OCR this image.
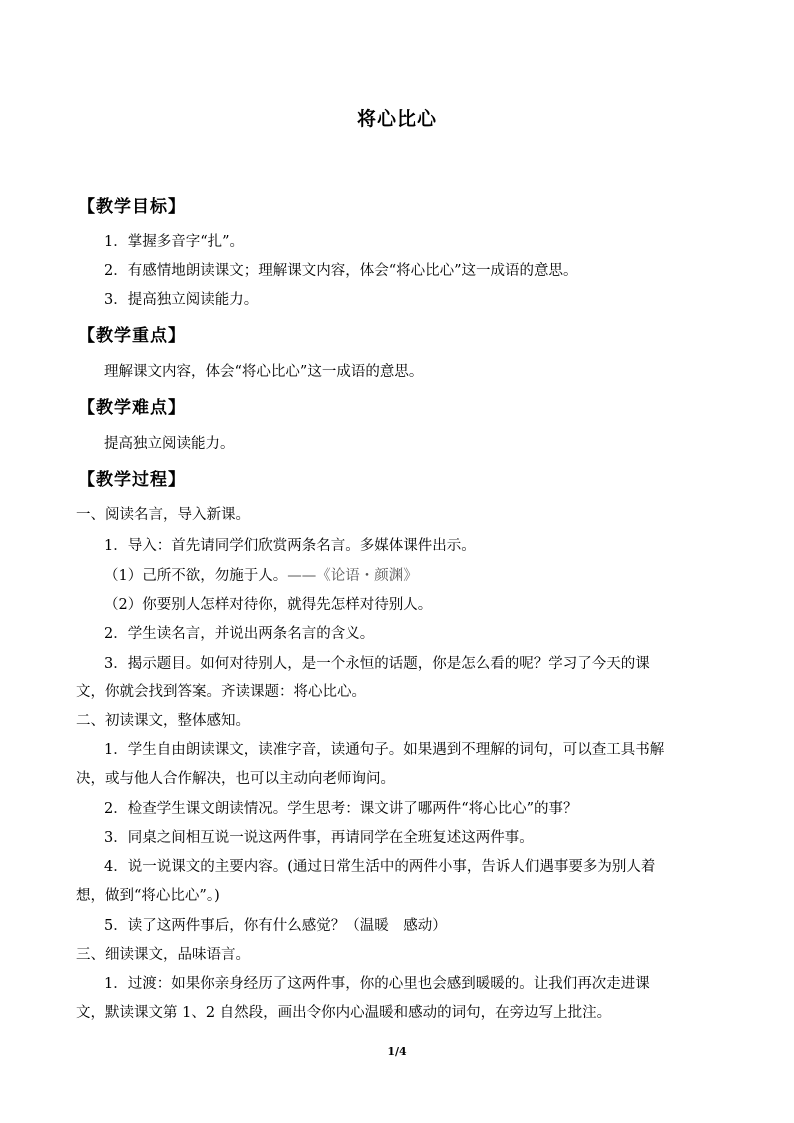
将心比心
【教学目标】
1．掌握多音字“扎”。
2．有感情地朗读课文；理解课文内容，体会“将心比心”这一成语的意思。
3．提高独立阅读能力。
【教学重点】
理解课文内容，体会“将心比心”这一成语的意思。
【教学难点】
提高独立阅读能力。
【教学过程】
一、阅读名言，导入新课。
1．导入：首先请同学们欣赏两条名言。多媒体课件出示。
（1）己所不欲，勿施于人。——《论语・颜渊》
（2）你要别人怎样对待你，就得先怎样对待别人。
2．学生读名言，并说出两条名言的含义。
3．揭示题目。如何对待别人，是一个永恒的话题，你是怎么看的呢？学习了今天的课
文，你就会找到答案。齐读课题：将心比心。
二、初读课文，整体感知。
1．学生自由朗读课文，读准字音，读通句子。如果遇到不理解的词句，可以查工具书解
决，或与他人合作解决，也可以主动向老师询问。
2．检查学生课文朗读情况。学生思考：课文讲了哪两件“将心比心”的事？
3．同桌之间相互说一说这两件事，再请同学在全班复述这两件事。
4．说一说课文的主要内容。(通过日常生活中的两件小事，告诉人们遇事要多为别人着
想，做到“将心比心”。)
5．读了这两件事后，你有什么感觉？（温暖　感动）
三、细读课文，品味语言。
1．过渡：如果你亲身经历了这两件事，你的心里也会感到暖暖的。让我们再次走进课
文，默读课文第 1、2 自然段，画出令你内心温暖和感动的词句，在旁边写上批注。
1/4
